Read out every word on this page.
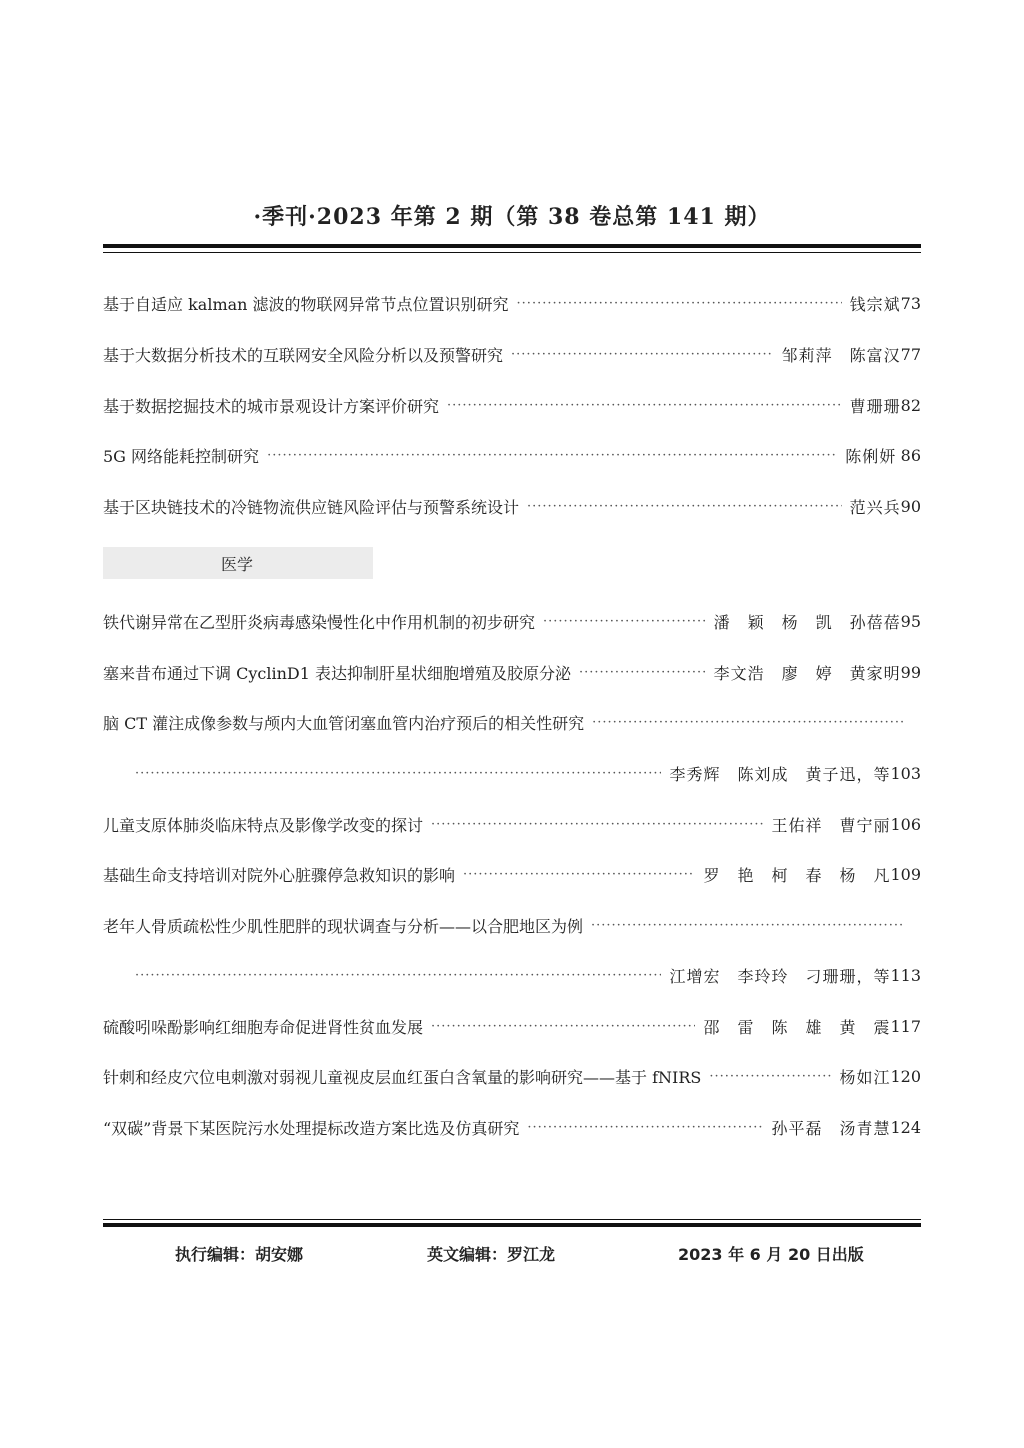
·季刊·2023 年第 2 期（第 38 卷总第 141 期）
基于自适应 kalman 滤波的物联网异常节点位置识别研究 ·····	钱宗斌 73
基于大数据分析技术的互联网安全风险分析以及预警研究 ·····	邹莉萍　陈富汉 77
基于数据挖掘技术的城市景观设计方案评价研究 ·····	曹珊珊 82
5G 网络能耗控制研究 ·····	陈俐妍 86
基于区块链技术的冷链物流供应链风险评估与预警系统设计 ·····	范兴兵 90
医学
铁代谢异常在乙型肝炎病毒感染慢性化中作用机制的初步研究 ·····	潘　颖　杨　凯　孙蓓蓓 95
塞来昔布通过下调 CyclinD1 表达抑制肝星状细胞增殖及胶原分泌 ·····	李文浩　廖　婷　黄家明 99
脑 CT 灌注成像参数与颅内大血管闭塞血管内治疗预后的相关性研究
·····
·····
李秀辉　陈刘成　黄子迅，等 103
儿童支原体肺炎临床特点及影像学改变的探讨 ·····	王佑祥　曹宁丽 106
基础生命支持培训对院外心脏骤停急救知识的影响 ·····	罗　艳　柯　春　杨　凡 109
老年人骨质疏松性少肌性肥胖的现状调查与分析——以合肥地区为例
·····
·····
江增宏　李玲玲　刁珊珊，等 113
硫酸吲哚酚影响红细胞寿命促进肾性贫血发展 ·····	邵　雷　陈　雄　黄　震 117
针刺和经皮穴位电刺激对弱视儿童视皮层血红蛋白含氧量的影响研究——基于 fNIRS ·····	杨如江 120
“双碳”背景下某医院污水处理提标改造方案比选及仿真研究 ·····	孙平磊　汤青慧 124
执行编辑：胡安娜	英文编辑：罗江龙	2023 年 6 月 20 日出版
